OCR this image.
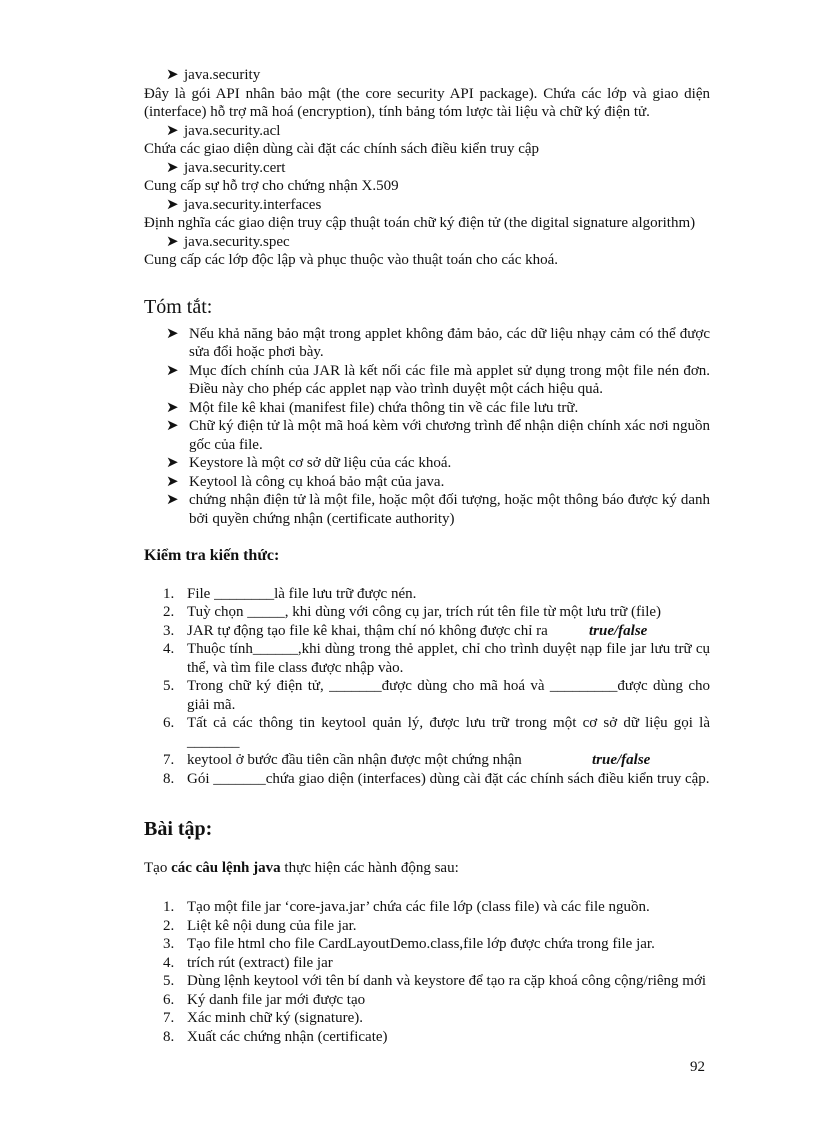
➤ java.security
Đây là gói API nhân bảo mật (the core security API package). Chứa các lớp và giao diện (interface) hỗ trợ mã hoá (encryption), tính bảng tóm lược tài liệu và chữ ký điện tử.
➤ java.security.acl
Chứa các giao diện dùng cài đặt các chính sách điều kiển truy cập
➤ java.security.cert
Cung cấp sự hỗ trợ cho chứng nhận X.509
➤ java.security.interfaces
Định nghĩa các giao diện truy cập thuật toán chữ ký điện tử (the digital signature algorithm)
➤ java.security.spec
Cung cấp các lớp độc lập và phục thuộc vào thuật toán cho các khoá.
Tóm tắt:
➤ Nếu khả năng bảo mật trong applet không đảm bảo, các dữ liệu nhạy cảm có thể được sửa đổi hoặc phơi bày.
➤ Mục đích chính của JAR là kết nối các file mà applet sử dụng trong một file nén đơn. Điều này cho phép các applet nạp vào trình duyệt một cách hiệu quả.
➤ Một file kê khai (manifest file) chứa thông tin về các file lưu trữ.
➤ Chữ ký điện tử là một mã hoá kèm với chương trình để nhận diện chính xác nơi nguồn gốc của file.
➤ Keystore là một cơ sở dữ liệu của các khoá.
➤ Keytool là công cụ khoá bảo mật của java.
➤ chứng nhận điện tử là một file, hoặc một đối tượng, hoặc một thông báo được ký danh bởi quyền chứng nhận (certificate authority)
Kiểm tra kiến thức:
1. File ________là file lưu trữ được nén.
2. Tuỳ chọn _____, khi dùng với công cụ jar, trích rút tên file từ một lưu trữ (file)
3. JAR tự động tạo file kê khai, thậm chí nó không được chỉ ra	true/false
4. Thuộc tính______,khi dùng trong thẻ applet, chỉ cho trình duyệt nạp file jar lưu trữ cụ thể, và tìm file class được nhập vào.
5. Trong chữ ký điện tử, _______được dùng cho mã hoá và _________được dùng cho giải mã.
6. Tất cả các thông tin keytool quản lý, được lưu trữ trong một cơ sở dữ liệu gọi là _______
7. keytool ở bước đầu tiên cần nhận được một chứng nhận	true/false
8. Gói _______chứa giao diện (interfaces) dùng cài đặt các chính sách điều kiển truy cập.
Bài tập:
Tạo các câu lệnh java thực hiện các hành động sau:
1. Tạo một file jar ‘core-java.jar’ chứa các file lớp (class file) và các file nguồn.
2. Liệt kê nội dung của file jar.
3. Tạo file html cho file CardLayoutDemo.class,file lớp được chứa trong file jar.
4. trích rút (extract) file jar
5. Dùng lệnh keytool với tên bí danh và keystore để tạo ra cặp khoá công cộng/riêng mới
6. Ký danh file jar mới được tạo
7. Xác minh chữ ký (signature).
8. Xuất các chứng nhận (certificate)
92
